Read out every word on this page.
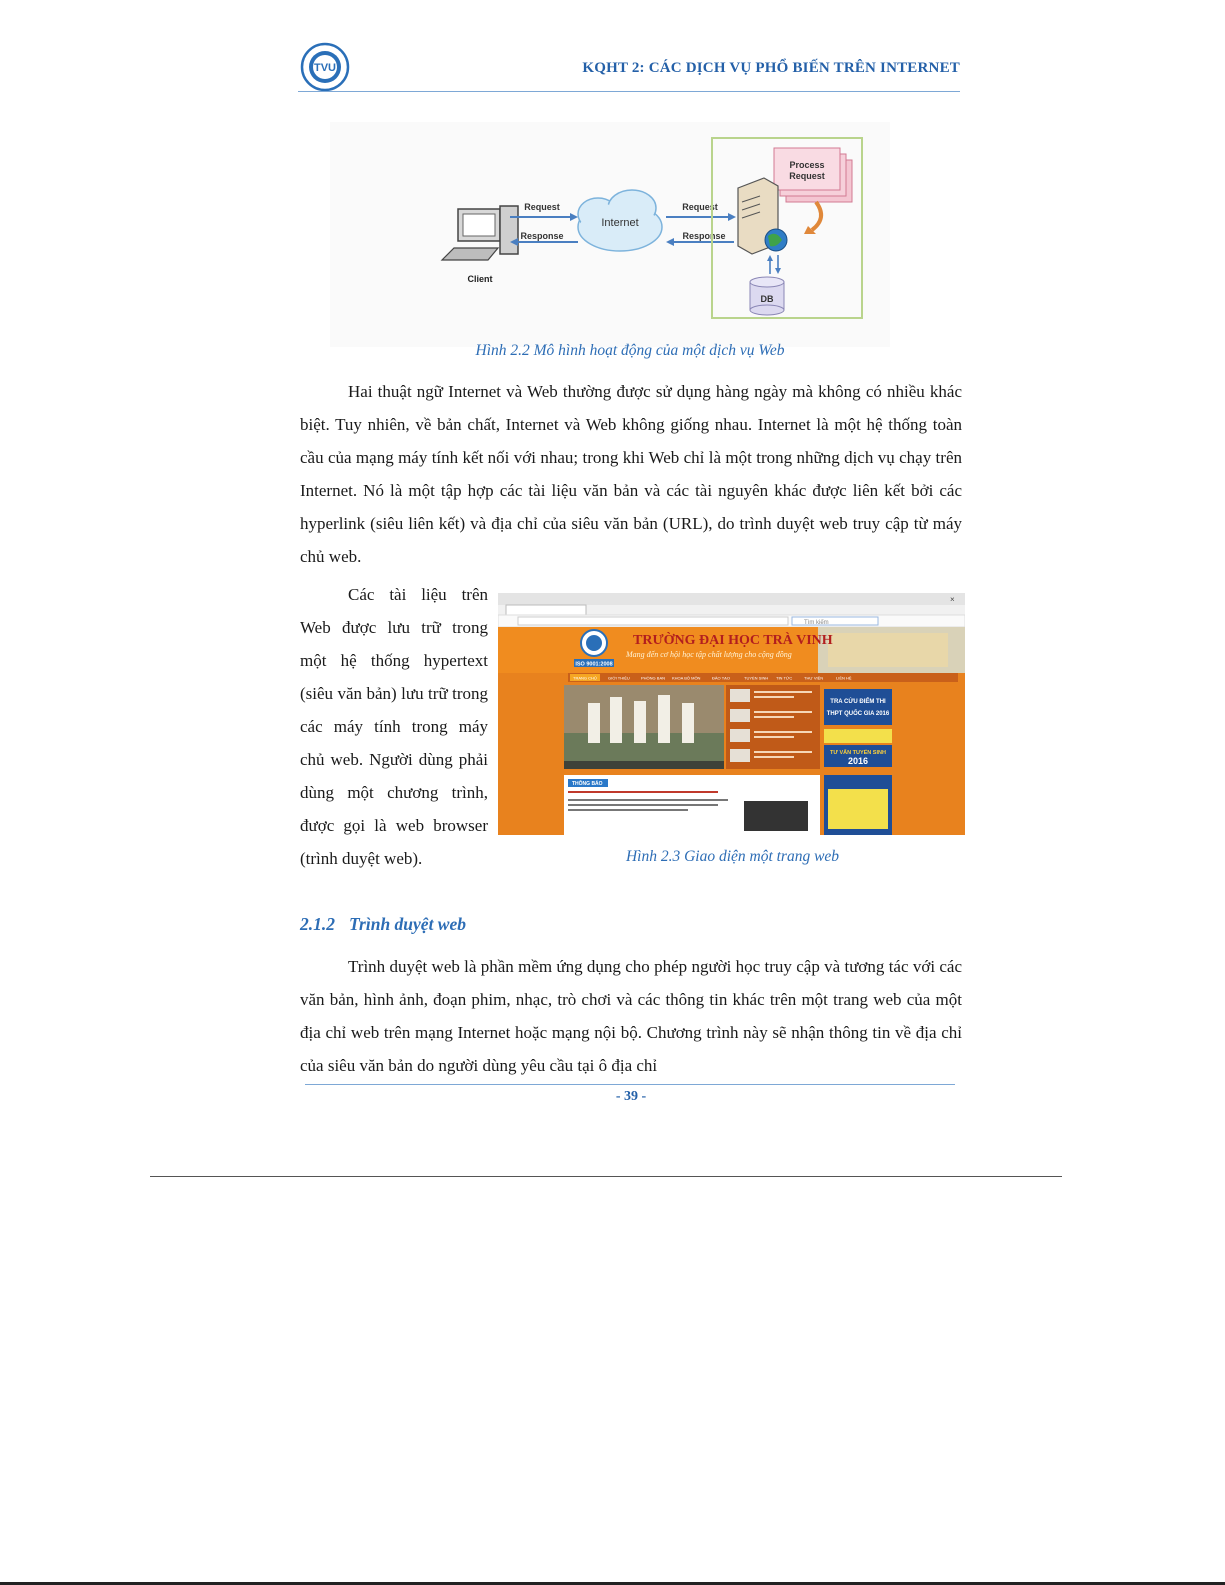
TVU	KQHT 2: CÁC DỊCH VỤ PHỔ BIẾN TRÊN INTERNET
Client
Request
Response
Internet
Request
Response
Process
Request
DB
Hình 2.2 Mô hình hoạt động của một dịch vụ Web

Hai thuật ngữ Internet và Web thường được sử dụng hàng ngày mà không có nhiều khác biệt. Tuy nhiên, về bản chất, Internet và Web không giống nhau. Internet là một hệ thống toàn cầu của mạng máy tính kết nối với nhau; trong khi Web chỉ là một trong những dịch vụ chạy trên Internet. Nó là một tập hợp các tài liệu văn bản và các tài nguyên khác được liên kết bởi các hyperlink (siêu liên kết) và địa chỉ của siêu văn bản (URL), do trình duyệt web truy cập từ máy chủ web.

Các tài liệu trên Web được lưu trữ trong một hệ thống hypertext (siêu văn bản) lưu trữ trong các máy tính trong máy chủ web. Người dùng phải dùng một chương trình, được gọi là web browser (trình duyệt web).

Tìm kiếm
×
ISO 9001:2008
TRƯỜNG ĐẠI HỌC TRÀ VINH
Mang đến cơ hội học tập chất lượng cho cộng đồng
TRANG CHỦ	GIỚI THIỆU	PHÒNG BAN KHOA BỘ MÔN	ĐÀO TẠO	TUYỂN SINH TIN TỨC	THƯ VIỆN	LIÊN HỆ
TRA CỨU ĐIỂM THI
THPT QUỐC GIA 2016
TƯ VẤN TUYỂN SINH
2016
THÔNG BÁO
Hình 2.3 Giao diện một trang web
2.1.2 Trình duyệt web

Trình duyệt web là phần mềm ứng dụng cho phép người học truy cập và tương tác với các văn bản, hình ảnh, đoạn phim, nhạc, trò chơi và các thông tin khác trên một trang web của một địa chỉ web trên mạng Internet hoặc mạng nội bộ. Chương trình này sẽ nhận thông tin về địa chỉ của siêu văn bản do người dùng yêu cầu tại ô địa chỉ

- 39 -
